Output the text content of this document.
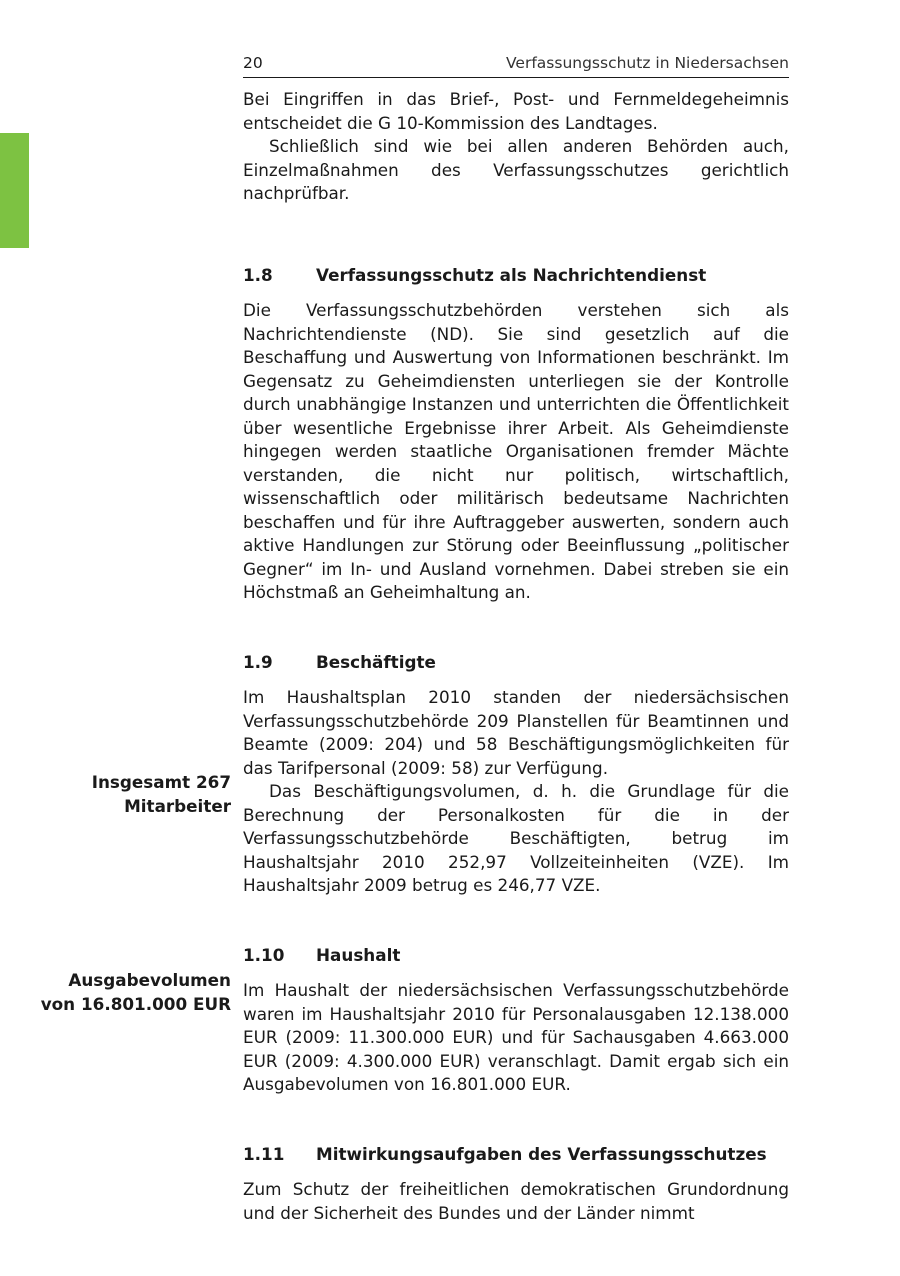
20	Verfassungsschutz in Niedersachsen
Insgesamt 267
Mitarbeiter
Ausgabevolumen
von 16.801.000 EUR

Bei Eingriffen in das Brief-, Post- und Fernmeldegeheimnis entscheidet die G 10-Kommission des Landtages.

Schließlich sind wie bei allen anderen Behörden auch, Einzelmaßnahmen des Verfassungsschutzes gerichtlich nachprüfbar.

1.8	Verfassungsschutz als Nachrichtendienst

Die Verfassungsschutzbehörden verstehen sich als Nachrichtendienste (ND). Sie sind gesetzlich auf die Beschaffung und Auswertung von Informationen beschränkt. Im Gegensatz zu Geheimdiensten unterliegen sie der Kontrolle durch unabhängige Instanzen und unterrichten die Öffentlichkeit über wesentliche Ergebnisse ihrer Arbeit. Als Geheimdienste hingegen werden staatliche Organisationen fremder Mächte verstanden, die nicht nur politisch, wirtschaftlich, wissenschaftlich oder militärisch bedeutsame Nachrichten beschaffen und für ihre Auftraggeber auswerten, sondern auch aktive Handlungen zur Störung oder Beeinflussung „politischer Gegner“ im In- und Ausland vornehmen. Dabei streben sie ein Höchstmaß an Geheimhaltung an.

1.9	Beschäftigte

Im Haushaltsplan 2010 standen der niedersächsischen Verfassungsschutzbehörde 209 Planstellen für Beamtinnen und Beamte (2009: 204) und 58 Beschäftigungsmöglichkeiten für das Tarifpersonal (2009: 58) zur Verfügung.

Das Beschäftigungsvolumen, d. h. die Grundlage für die Berechnung der Personalkosten für die in der Verfassungsschutzbehörde Beschäftigten, betrug im Haushaltsjahr 2010 252,97 Vollzeiteinheiten (VZE). Im Haushaltsjahr 2009 betrug es 246,77 VZE.

1.10 Haushalt

Im Haushalt der niedersächsischen Verfassungsschutzbehörde waren im Haushaltsjahr 2010 für Personalausgaben 12.138.000 EUR (2009: 11.300.000 EUR) und für Sachausgaben 4.663.000 EUR (2009: 4.300.000 EUR) veranschlagt. Damit ergab sich ein Ausgabevolumen von 16.801.000 EUR.

1.11 Mitwirkungsaufgaben des Verfassungsschutzes

Zum Schutz der freiheitlichen demokratischen Grundordnung und der Sicherheit des Bundes und der Länder nimmt
